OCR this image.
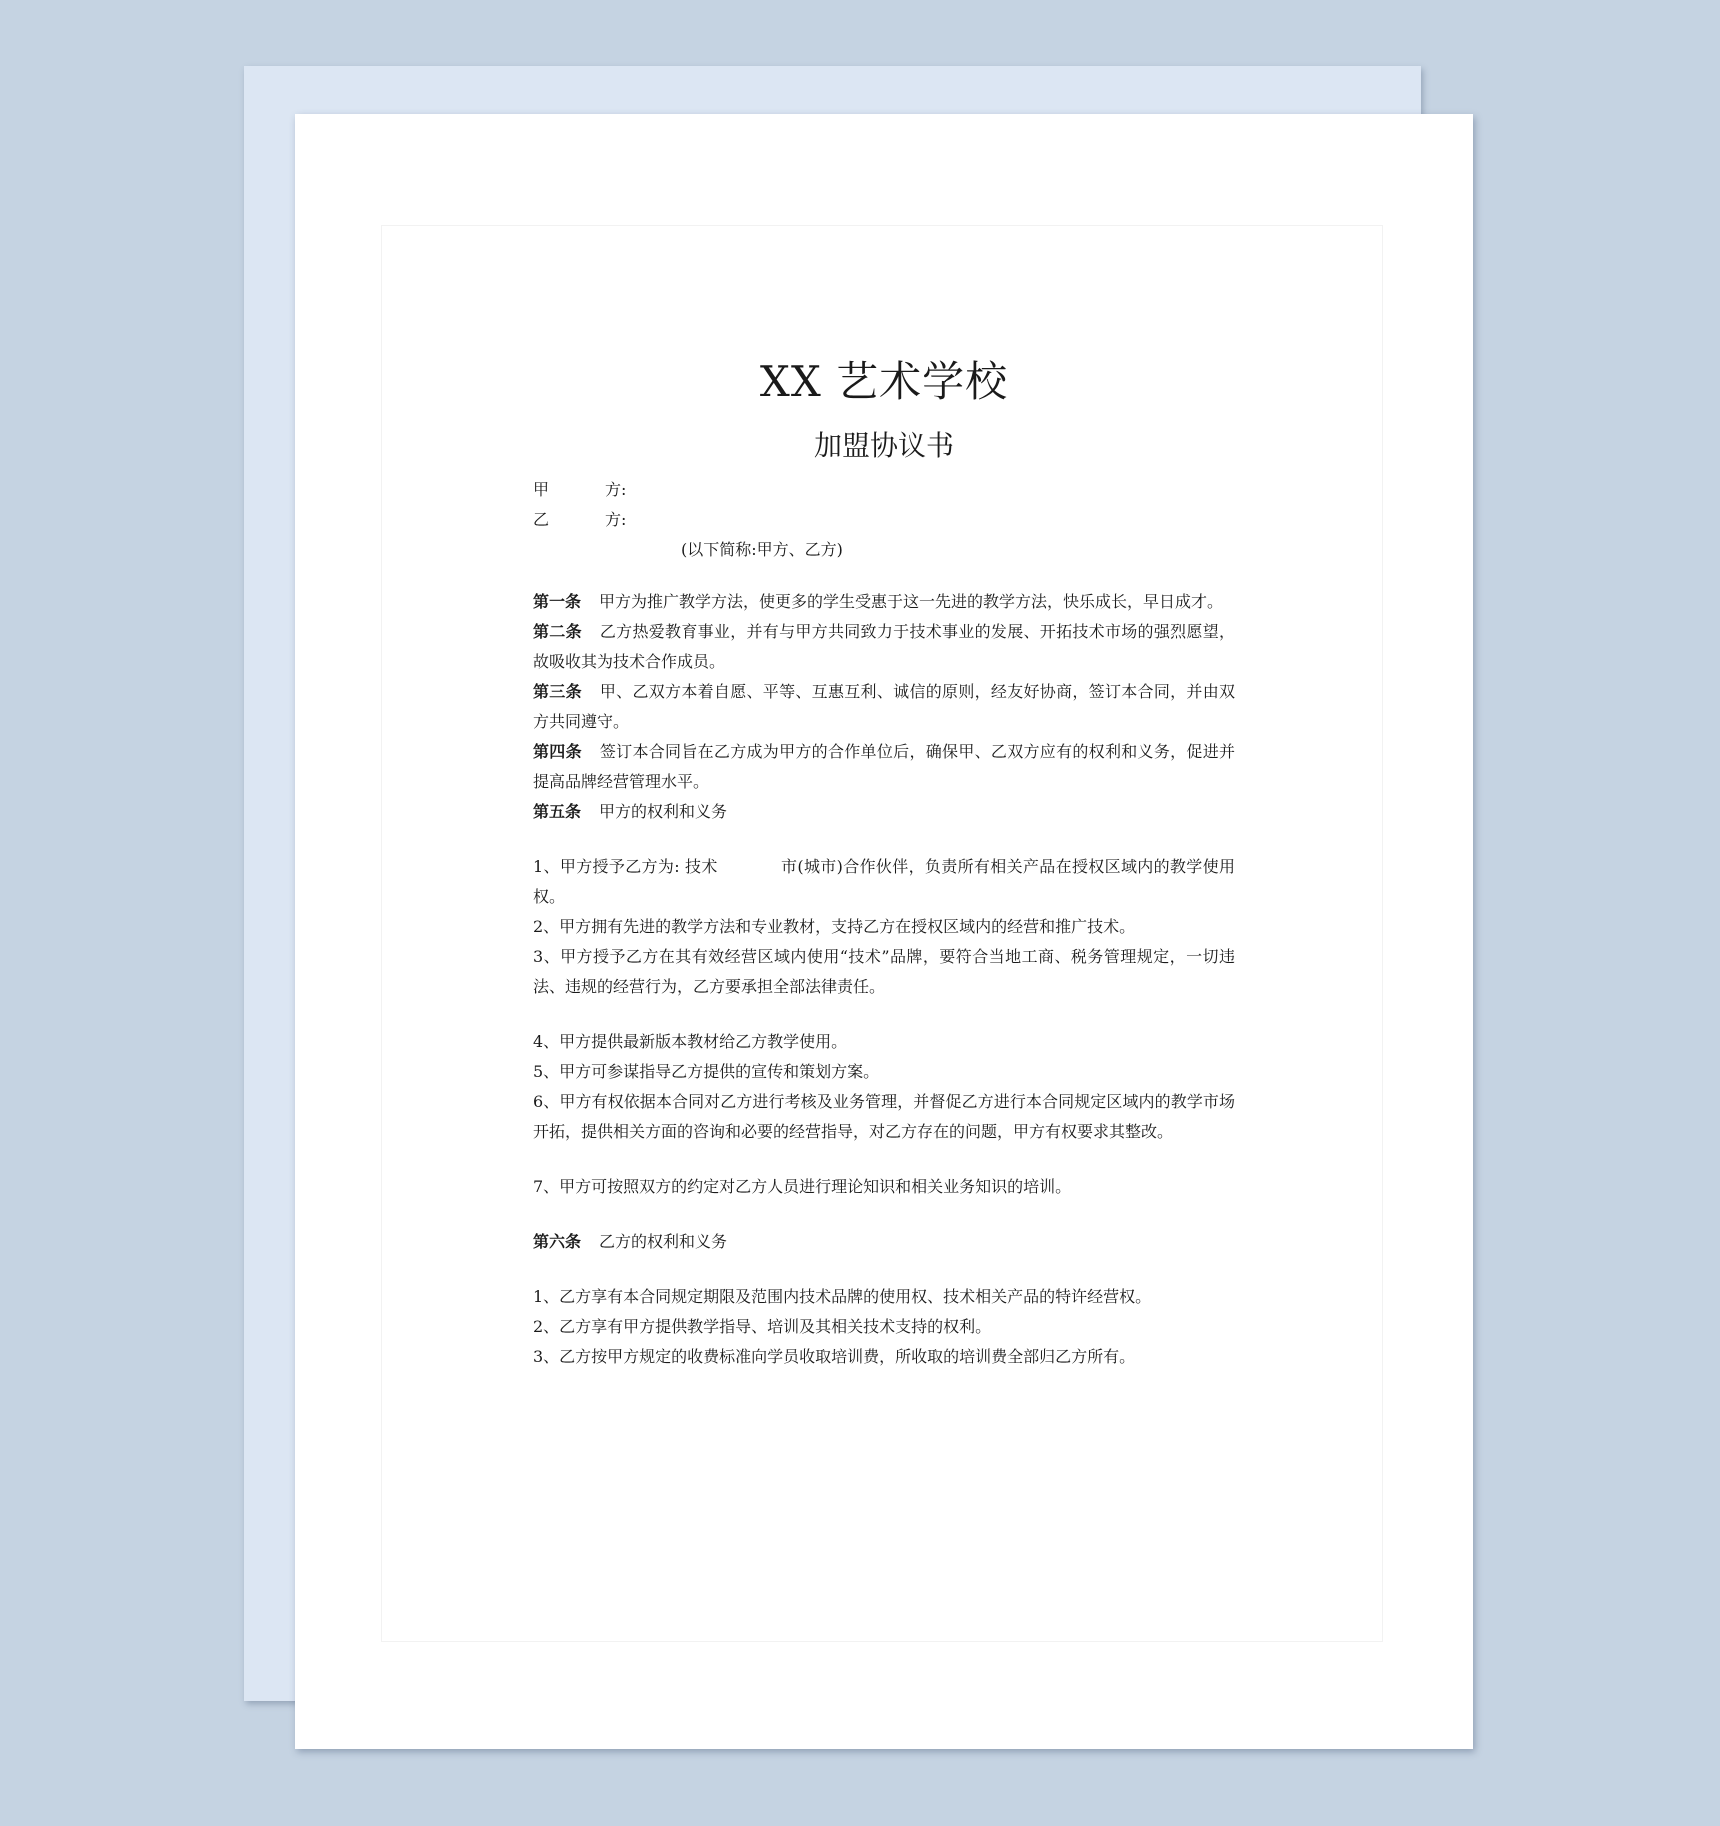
XX 艺术学校
加盟协议书
甲	方:
乙	方:
(以下简称:甲方、乙方)
第一条 甲方为推广教学方法，使更多的学生受惠于这一先进的教学方法，快乐成长，早日成才。
第二条 乙方热爱教育事业，并有与甲方共同致力于技术事业的发展、开拓技术市场的强烈愿望，故吸收其为技术合作成员。
第三条 甲、乙双方本着自愿、平等、互惠互利、诚信的原则，经友好协商，签订本合同，并由双方共同遵守。
第四条 签订本合同旨在乙方成为甲方的合作单位后，确保甲、乙双方应有的权利和义务，促进并提高品牌经营管理水平。
第五条 甲方的权利和义务
1、甲方授予乙方为: 技术	市(城市)合作伙伴，负责所有相关产品在授权区域内的教学使用权。
2、甲方拥有先进的教学方法和专业教材，支持乙方在授权区域内的经营和推广技术。
3、甲方授予乙方在其有效经营区域内使用“技术”品牌，要符合当地工商、税务管理规定，一切违法、违规的经营行为，乙方要承担全部法律责任。
4、甲方提供最新版本教材给乙方教学使用。
5、甲方可参谋指导乙方提供的宣传和策划方案。
6、甲方有权依据本合同对乙方进行考核及业务管理，并督促乙方进行本合同规定区域内的教学市场开拓，提供相关方面的咨询和必要的经营指导，对乙方存在的问题，甲方有权要求其整改。
7、甲方可按照双方的约定对乙方人员进行理论知识和相关业务知识的培训。
第六条 乙方的权利和义务
1、乙方享有本合同规定期限及范围内技术品牌的使用权、技术相关产品的特许经营权。
2、乙方享有甲方提供教学指导、培训及其相关技术支持的权利。
3、乙方按甲方规定的收费标准向学员收取培训费，所收取的培训费全部归乙方所有。
